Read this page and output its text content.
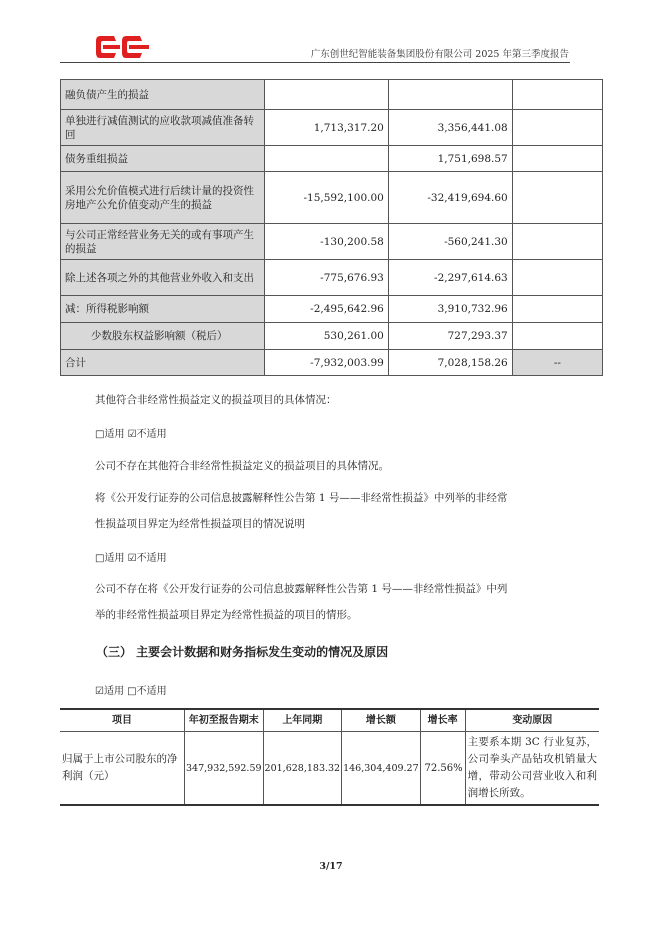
广东创世纪智能装备集团股份有限公司 2025 年第三季度报告
融负债产生的损益			
单独进行减值测试的应收款项减值准备转回	1,713,317.20	3,356,441.08	
债务重组损益		1,751,698.57	
采用公允价值模式进行后续计量的投资性房地产公允价值变动产生的损益	-15,592,100.00	-32,419,694.60	
与公司正常经营业务无关的或有事项产生的损益	-130,200.58	-560,241.30	
除上述各项之外的其他营业外收入和支出	-775,676.93	-2,297,614.63	
减：所得税影响额	-2,495,642.96	3,910,732.96	
少数股东权益影响额（税后）	530,261.00	727,293.37	
合计	-7,932,003.99	7,028,158.26	--
其他符合非经常性损益定义的损益项目的具体情况：
□适用 ☑不适用
公司不存在其他符合非经常性损益定义的损益项目的具体情况。
将《公开发行证券的公司信息披露解释性公告第 1 号——非经常性损益》中列举的非经常
性损益项目界定为经常性损益项目的情况说明
□适用 ☑不适用
公司不存在将《公开发行证券的公司信息披露解释性公告第 1 号——非经常性损益》中列
举的非经常性损益项目界定为经常性损益的项目的情形。
（三） 主要会计数据和财务指标发生变动的情况及原因
☑适用 □不适用
项目	年初至报告期末	上年同期	增长额	增长率	变动原因
归属于上市公司股东的净利润（元）	347,932,592.59	201,628,183.32	146,304,409.27	72.56%	主要系本期 3C 行业复苏，公司拳头产品钻攻机销量大增，带动公司营业收入和利润增长所致。
3/17
